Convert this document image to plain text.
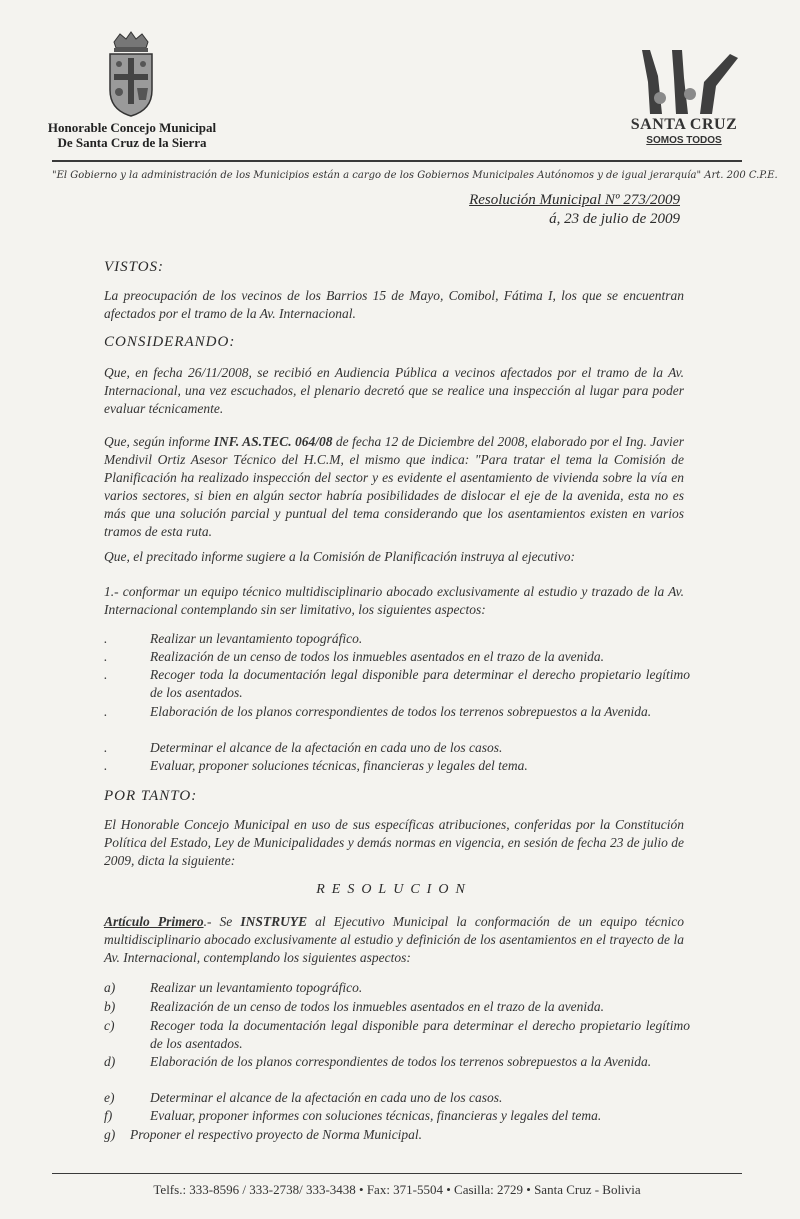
Honorable Concejo Municipal
De Santa Cruz de la Sierra
SANTA CRUZ
SOMOS TODOS
"El Gobierno y la administración de los Municipios están a cargo de los Gobiernos Municipales Autónomos y de igual jerarquía" Art. 200 C.P.E.
Resolución Municipal Nº 273/2009
á, 23 de julio de 2009
VISTOS:
La preocupación de los vecinos de los Barrios 15 de Mayo, Comibol, Fátima I, los que se encuentran afectados por el tramo de la Av. Internacional.
CONSIDERANDO:
Que, en fecha 26/11/2008, se recibió en Audiencia Pública a vecinos afectados por el tramo de la Av. Internacional, una vez escuchados, el plenario decretó que se realice una inspección al lugar para poder evaluar técnicamente.
Que, según informe INF. AS.TEC. 064/08 de fecha 12 de Diciembre del 2008, elaborado por el Ing. Javier Mendivil Ortiz Asesor Técnico del H.C.M, el mismo que indica: "Para tratar el tema la Comisión de Planificación ha realizado inspección del sector y es evidente el asentamiento de vivienda sobre la vía en varios sectores, si bien en algún sector habría posibilidades de dislocar el eje de la avenida, esta no es más que una solución parcial y puntual del tema considerando que los asentamientos existen en varios tramos de esta ruta.
Que, el precitado informe sugiere a la Comisión de Planificación instruya al ejecutivo:
1.- conformar un equipo técnico multidisciplinario abocado exclusivamente al estudio y trazado de la Av. Internacional contemplando sin ser limitativo, los siguientes aspectos:
.	Realizar un levantamiento topográfico.
.	Realización de un censo de todos los inmuebles asentados en el trazo de la avenida.
.	Recoger toda la documentación legal disponible para determinar el derecho propietario legítimo de los asentados.
.	Elaboración de los planos correspondientes de todos los terrenos sobrepuestos a la Avenida.
.	Determinar el alcance de la afectación en cada uno de los casos.
.	Evaluar, proponer soluciones técnicas, financieras y legales del tema.
POR TANTO:
El Honorable Concejo Municipal en uso de sus específicas atribuciones, conferidas por la Constitución Política del Estado, Ley de Municipalidades y demás normas en vigencia, en sesión de fecha 23 de julio de 2009, dicta la siguiente:
RESOLUCION
Artículo Primero.- Se INSTRUYE al Ejecutivo Municipal la conformación de un equipo técnico multidisciplinario abocado exclusivamente al estudio y definición de los asentamientos en el trayecto de la Av. Internacional, contemplando los siguientes aspectos:
a)	Realizar un levantamiento topográfico.
b)	Realización de un censo de todos los inmuebles asentados en el trazo de la avenida.
c)	Recoger toda la documentación legal disponible para determinar el derecho propietario legítimo de los asentados.
d)	Elaboración de los planos correspondientes de todos los terrenos sobrepuestos a la Avenida.
e)	Determinar el alcance de la afectación en cada uno de los casos.
f)	Evaluar, proponer informes con soluciones técnicas, financieras y legales del tema.
g)	Proponer el respectivo proyecto de Norma Municipal.
Telfs.: 333-8596 / 333-2738/ 333-3438 • Fax: 371-5504 • Casilla: 2729 • Santa Cruz - Bolivia
